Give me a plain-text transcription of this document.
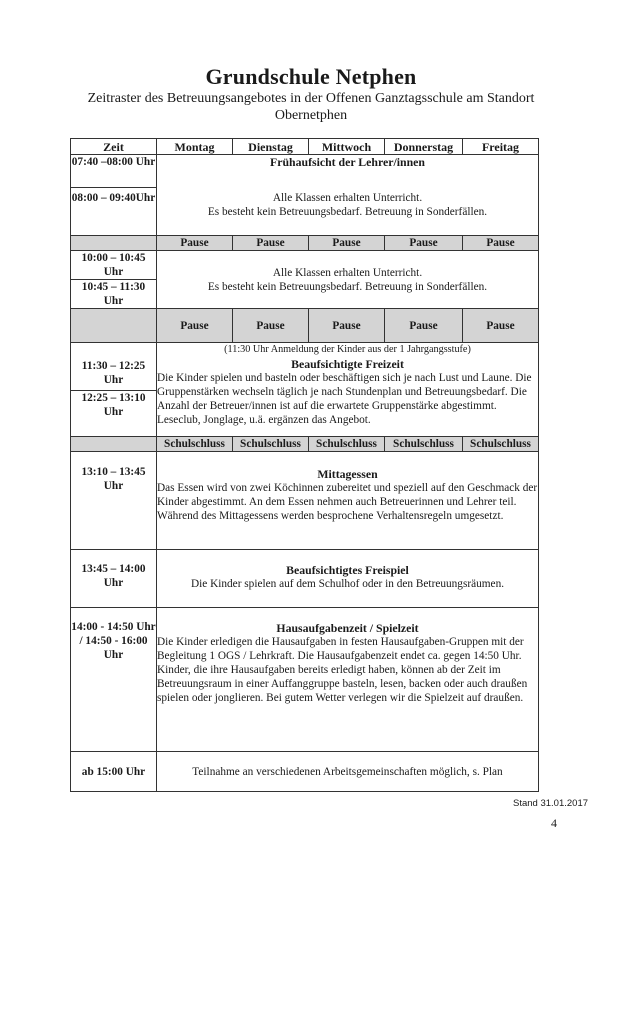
Grundschule Netphen
Zeitraster des Betreuungsangebotes in der Offenen Ganztagsschule am Standort Obernetphen
Zeit	Montag	Dienstag	Mittwoch	Donnerstag	Freitag
07:40 –08:00 Uhr	Frühaufsicht der Lehrer/innen
Alle Klassen erhalten Unterricht.
Es besteht kein Betreuungsbedarf. Betreuung in Sonderfällen.				

08:00 – 09:40Uhr					
	Pause	Pause	Pause	Pause	Pause
10:00 – 10:45 Uhr	Alle Klassen erhalten Unterricht.
Es besteht kein Betreuungsbedarf. Betreuung in Sonderfällen.				

10:45 – 11:30 Uhr					
	Pause	Pause	Pause	Pause	Pause
11:30 – 12:25 Uhr	(11:30 Uhr Anmeldung der Kinder aus der 1 Jahrgangsstufe)
Beaufsichtigte Freizeit
Die Kinder spielen und basteln oder beschäftigen sich je nach Lust und Laune. Die Gruppenstärken wechseln täglich je nach Stundenplan und Betreuungsbedarf. Die Anzahl der Betreuer/innen ist auf die erwartete Gruppenstärke abgestimmt. Leseclub, Jonglage, u.ä. ergänzen das Angebot.				

12:25 – 13:10 Uhr					
	Schulschluss	Schulschluss	Schulschluss	Schulschluss	Schulschluss
13:10 – 13:45 Uhr	Mittagessen
Das Essen wird von zwei Köchinnen zubereitet und speziell auf den Geschmack der Kinder abgestimmt. An dem Essen nehmen auch Betreuerinnen und Lehrer teil. Während des Mittagessens werden besprochene Verhaltensregeln umgesetzt.				

13:45 – 14:00 Uhr	Beaufsichtigtes Freispiel
Die Kinder spielen auf dem Schulhof oder in den Betreuungsräumen.				

14:00 - 14:50 Uhr / 14:50 - 16:00 Uhr	Hausaufgabenzeit / Spielzeit
Die Kinder erledigen die Hausaufgaben in festen Hausaufgaben-Gruppen mit der Begleitung 1 OGS / Lehrkraft. Die Hausaufgabenzeit endet ca. gegen 14:50 Uhr.
Kinder, die ihre Hausaufgaben bereits erledigt haben, können ab der Zeit im Betreuungsraum in einer Auffanggruppe basteln, lesen, backen oder auch draußen spielen oder jonglieren. Bei gutem Wetter verlegen wir die Spielzeit auf draußen.				

ab 15:00 Uhr	Teilnahme an verschiedenen Arbeitsgemeinschaften möglich, s. Plan				
Stand 31.01.2017
4
